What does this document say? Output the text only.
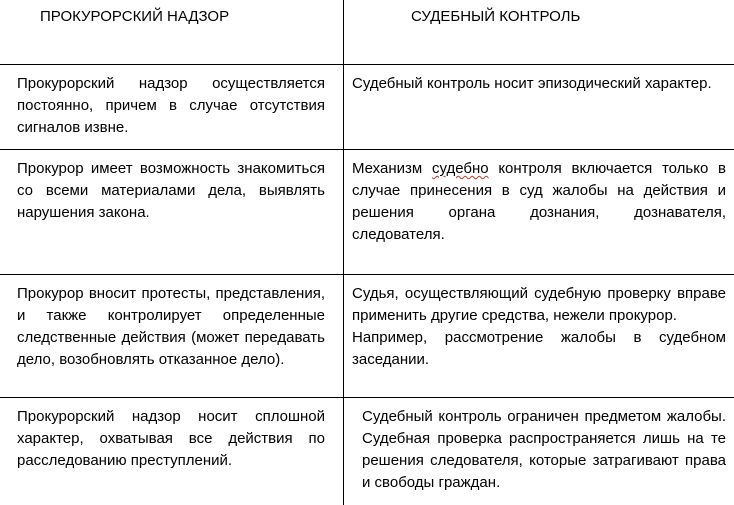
ПРОКУРОРСКИЙ НАДЗОР	СУДЕБНЫЙ КОНТРОЛЬ
Прокурорский надзор осуществляется постоянно, причем в случае отсутствия сигналов извне.
Судебный контроль носит эпизодический характер.
Прокурор имеет возможность знакомиться со всеми материалами дела, выявлять нарушения закона.
Механизм судебно контроля включается только в случае принесения в суд жалобы на действия и решения органа дознания, дознавателя, следователя.
Прокурор вносит протесты, представления, и также контролирует определенные следственные действия (может передавать дело, возобновлять отказанное дело).
Судья, осуществляющий судебную проверку вправе применить другие средства, нежели прокурор.
Например, рассмотрение жалобы в судебном заседании.
Прокурорский надзор носит сплошной характер, охватывая все действия по расследованию преступлений.
Судебный контроль ограничен предметом жалобы. Судебная проверка распространяется лишь на те решения следователя, которые затрагивают права и свободы граждан.
